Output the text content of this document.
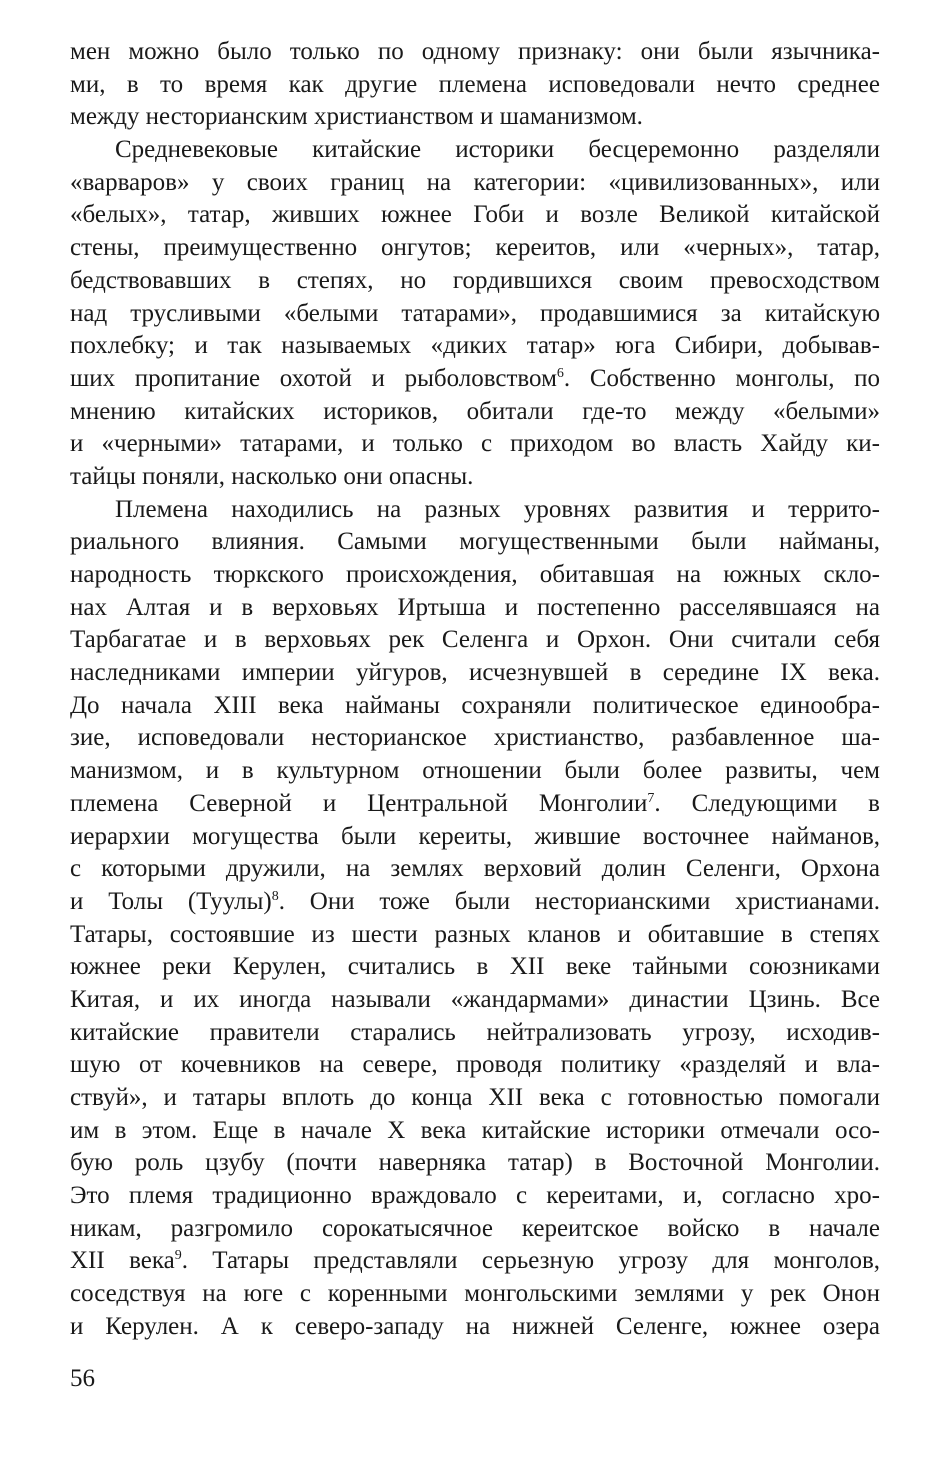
мен можно было только по одному признаку: они были язычника-
ми, в то время как другие племена исповедовали нечто среднее
между несторианским христианством и шаманизмом.
Средневековые китайские историки бесцеремонно разделяли
«варваров» у своих границ на категории: «цивилизованных», или
«белых», татар, живших южнее Гоби и возле Великой китайской
стены, преимущественно онгутов; кереитов, или «черных», татар,
бедствовавших в степях, но гордившихся своим превосходством
над трусливыми «белыми татарами», продавшимися за китайскую
похлебку; и так называемых «диких татар» юга Сибири, добывав-
ших пропитание охотой и рыболовством$^6$. Собственно монголы, по
мнению китайских историков, обитали где-то между «белыми»
и «черными» татарами, и только с приходом во власть Хайду ки-
тайцы поняли, насколько они опасны.
Племена находились на разных уровнях развития и террито-
риального влияния. Самыми могущественными были найманы,
народность тюркского происхождения, обитавшая на южных скло-
нах Алтая и в верховьях Иртыша и постепенно расселявшаяся на
Тарбагатае и в верховьях рек Селенга и Орхон. Они считали себя
наследниками империи уйгуров, исчезнувшей в середине IX века.
До начала XIII века найманы сохраняли политическое единообра-
зие, исповедовали несторианское христианство, разбавленное ша-
манизмом, и в культурном отношении были более развиты, чем
племена Северной и Центральной Монголии$^7$. Следующими в
иерархии могущества были кереиты, жившие восточнее найманов,
с которыми дружили, на землях верховий долин Селенги, Орхона
и Толы (Туулы)$^8$. Они тоже были несторианскими христианами.
Татары, состоявшие из шести разных кланов и обитавшие в степях
южнее реки Керулен, считались в XII веке тайными союзниками
Китая, и их иногда называли «жандармами» династии Цзинь. Все
китайские правители старались нейтрализовать угрозу, исходив-
шую от кочевников на севере, проводя политику «разделяй и вла-
ствуй», и татары вплоть до конца XII века с готовностью помогали
им в этом. Еще в начале X века китайские историки отмечали осо-
бую роль цзубу (почти наверняка татар) в Восточной Монголии.
Это племя традиционно враждовало с кереитами, и, согласно хро-
никам, разгромило сорокатысячное кереитское войско в начале
XII века$^9$. Татары представляли серьезную угрозу для монголов,
соседствуя на юге с коренными монгольскими землями у рек Онон
и Керулен. А к северо-западу на нижней Селенге, южнее озера
56
